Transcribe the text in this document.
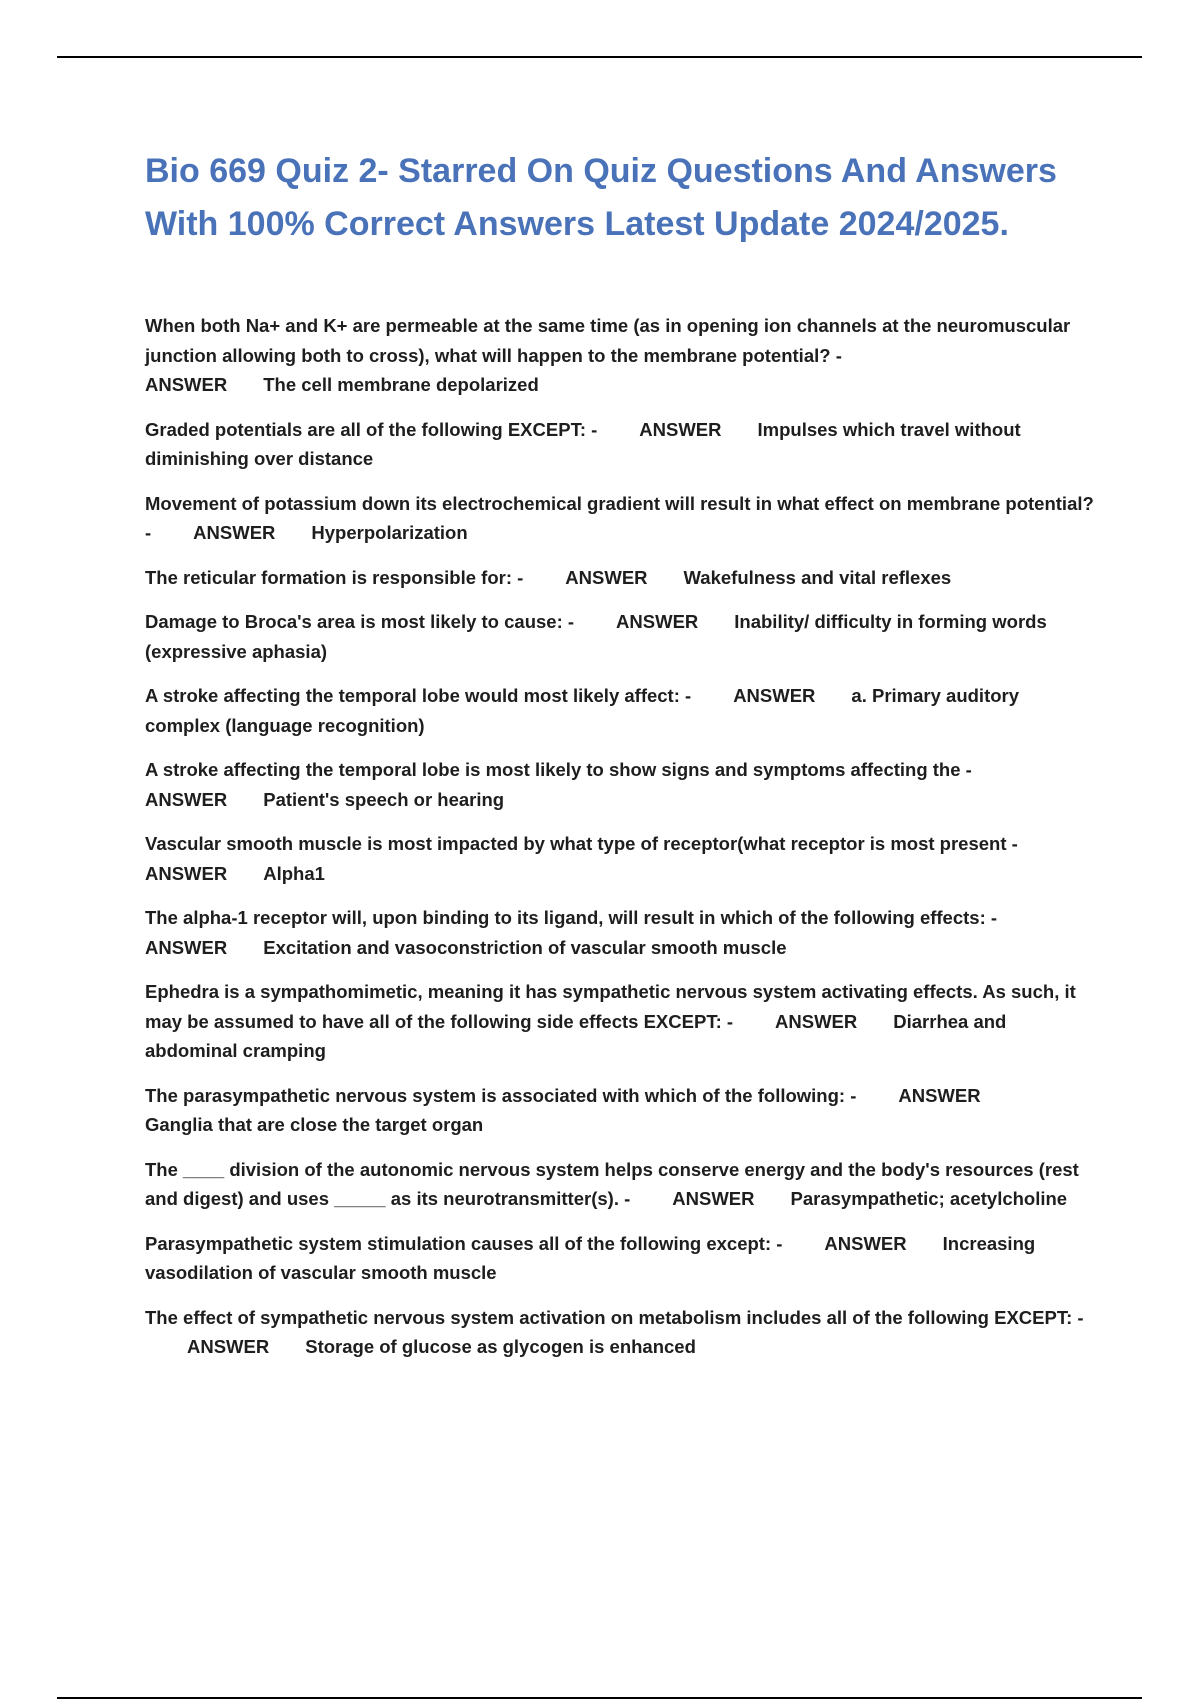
Bio 669 Quiz 2- Starred On Quiz Questions And Answers With 100% Correct Answers Latest Update 2024/2025.

When both Na+ and K+ are permeable at the same time (as in opening ion channels at the neuromuscular junction allowing both to cross), what will happen to the membrane potential? -
ANSWER The cell membrane depolarized

Graded potentials are all of the following EXCEPT: - ANSWER Impulses which travel without diminishing over distance

Movement of potassium down its electrochemical gradient will result in what effect on membrane potential? - ANSWER Hyperpolarization

The reticular formation is responsible for: - ANSWER Wakefulness and vital reflexes

Damage to Broca's area is most likely to cause: - ANSWER Inability/ difficulty in forming words (expressive aphasia)

A stroke affecting the temporal lobe would most likely affect: - ANSWER a. Primary auditory complex (language recognition)

A stroke affecting the temporal lobe is most likely to show signs and symptoms affecting the -
ANSWER Patient's speech or hearing

Vascular smooth muscle is most impacted by what type of receptor(what receptor is most present -
ANSWER Alpha1

The alpha-1 receptor will, upon binding to its ligand, will result in which of the following effects: -
ANSWER Excitation and vasoconstriction of vascular smooth muscle

Ephedra is a sympathomimetic, meaning it has sympathetic nervous system activating effects. As such, it may be assumed to have all of the following side effects EXCEPT: - ANSWER Diarrhea and abdominal cramping

The parasympathetic nervous system is associated with which of the following: - ANSWER
Ganglia that are close the target organ

The ____ division of the autonomic nervous system helps conserve energy and the body's resources (rest and digest) and uses _____ as its neurotransmitter(s). - ANSWER Parasympathetic; acetylcholine

Parasympathetic system stimulation causes all of the following except: - ANSWER Increasing vasodilation of vascular smooth muscle

The effect of sympathetic nervous system activation on metabolism includes all of the following EXCEPT: -ANSWER Storage of glucose as glycogen is enhanced
